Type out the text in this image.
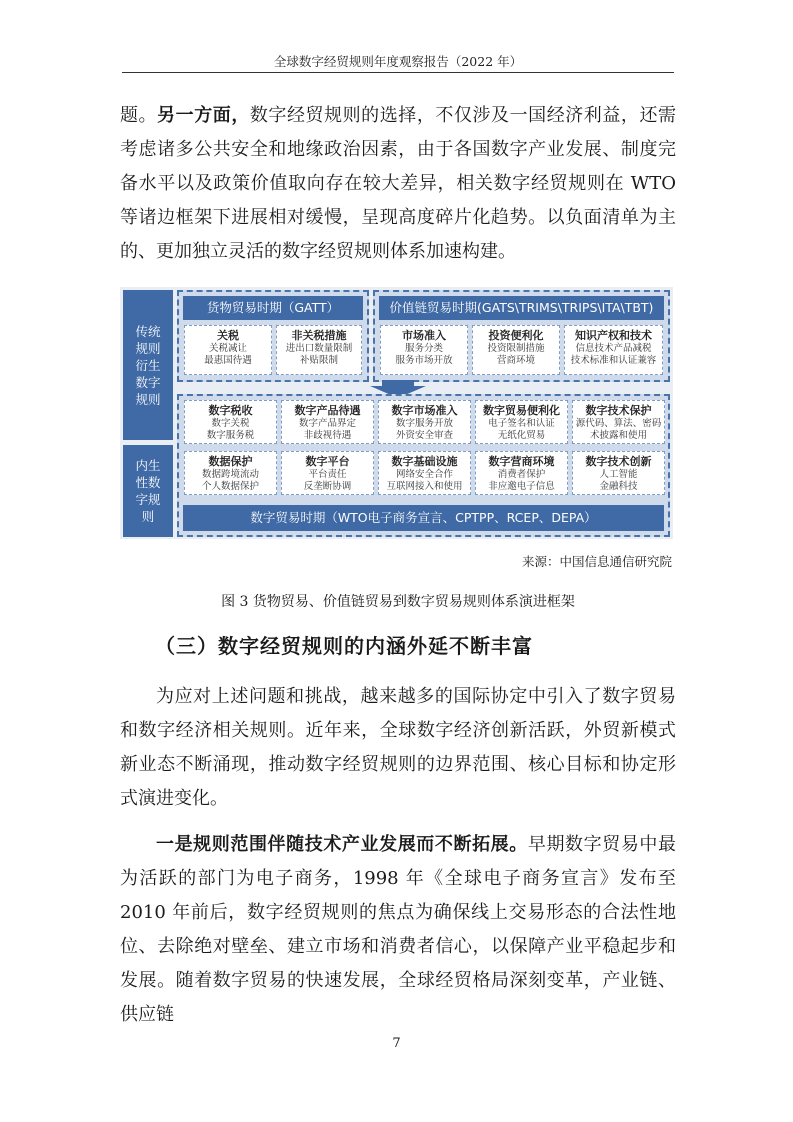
全球数字经贸规则年度观察报告（2022 年）

题。另一方面，数字经贸规则的选择，不仅涉及一国经济利益，还需考虑诸多公共安全和地缘政治因素，由于各国数字产业发展、制度完备水平以及政策价值取向存在较大差异，相关数字经贸规则在 WTO 等诸边框架下进展相对缓慢，呈现高度碎片化趋势。以负面清单为主的、更加独立灵活的数字经贸规则体系加速构建。

传统规则衍生数字规则
内生性数字规则
货物贸易时期（GATT）
关税
关税减让
最惠国待遇
非关税措施
进出口数量限制
补贴限制
价值链贸易时期(GATS\TRIMS\TRIPS\ITA\TBT)
市场准入
服务分类
服务市场开放
投资便利化
投资限制措施
营商环境
知识产权和技术
信息技术产品减税
技术标准和认证兼容
数字税收
数字关税
数字服务税
数字产品待遇
数字产品界定
非歧视待遇
数字市场准入
数字服务开放
外资安全审查
数字贸易便利化
电子签名和认证
无纸化贸易
数字技术保护
源代码、算法、密码
术披露和使用
数据保护
数据跨境流动
个人数据保护
数字平台
平台责任
反垄断协调
数字基础设施
网络安全合作
互联网接入和使用
数字营商环境
消费者保护
非应邀电子信息
数字技术创新
人工智能
金融科技
数字贸易时期（WTO电子商务宣言、CPTPP、RCEP、DEPA）
来源：中国信息通信研究院
图 3 货物贸易、价值链贸易到数字贸易规则体系演进框架
（三）数字经贸规则的内涵外延不断丰富

为应对上述问题和挑战，越来越多的国际协定中引入了数字贸易和数字经济相关规则。近年来，全球数字经济创新活跃，外贸新模式新业态不断涌现，推动数字经贸规则的边界范围、核心目标和协定形式演进变化。

一是规则范围伴随技术产业发展而不断拓展。早期数字贸易中最为活跃的部门为电子商务，1998 年《全球电子商务宣言》发布至 2010 年前后，数字经贸规则的焦点为确保线上交易形态的合法性地位、去除绝对壁垒、建立市场和消费者信心，以保障产业平稳起步和发展。随着数字贸易的快速发展，全球经贸格局深刻变革，产业链、供应链

7
